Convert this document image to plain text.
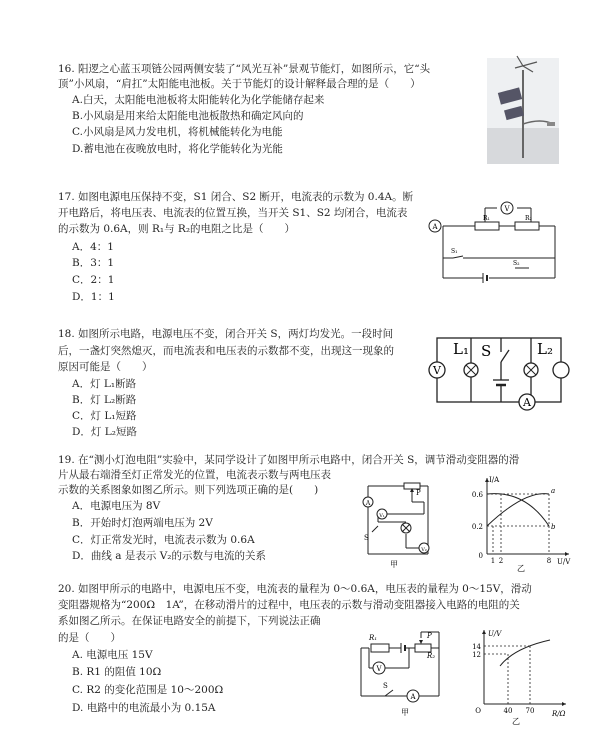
16. 阳逻之心蓝玉项链公园两侧安装了“风光互补”景观节能灯，如图所示，它“头
顶”小风扇，“肩扛”太阳能电池板。关于节能灯的设计解释最合理的是（　　）
A.白天，太阳能电池板将太阳能转化为化学能储存起来
B.小风扇是用来给太阳能电池板散热和确定风向的
C.小风扇是风力发电机，将机械能转化为电能
D.蓄电池在夜晚放电时，将化学能转化为光能
17. 如图电源电压保持不变，S1 闭合、S2 断开，电流表的示数为 0.4A。断
开电路后，将电压表、电流表的位置互换，当开关 S1、S2 均闭合，电流表
的示数为 0.6A，则 R₁与 R₂的电阻之比是（　　）
A．4：1
B．3：1
C．2：1
D．1：1
V
A
R₁	R₂
S₁
S₂
18. 如图所示电路，电源电压不变，闭合开关 S，两灯均发光。一段时间
后，一盏灯突然熄灭，而电流表和电压表的示数都不变，出现这一现象的
原因可能是（　　）
A．灯 L₁断路
B．灯 L₂断路
C．灯 L₁短路
D．灯 L₂短路
V
A
L₁	L₂
S
19. 在“测小灯泡电阻”实验中，某同学设计了如图甲所示电路中，闭合开关 S，调节滑动变阻器的滑
片从最右端滑至灯正常发光的位置，电流表示数与两电压表
示数的关系图象如图乙所示。则下列选项正确的是(　　)
A．电源电压为 8V
B．开始时灯泡两端电压为 2V
C．灯正常发光时，电流表示数为 0.6A
D．曲线 a 是表示 V₂的示数与电流的关系
P
S
A
V₁
V₂
甲
I/A
U/V
0.6
0.2
0
1 2	8
a
b
乙
20. 如图甲所示的电路中，电源电压不变，电流表的量程为 0～0.6A，电压表的量程为 0～15V，滑动
变阻器规格为“200Ω　1A”，在移动滑片的过程中，电压表的示数与滑动变阻器接入电路的电阻的关
系如图乙所示。在保证电路安全的前提下，下列说法正确
的是（　　）
A. 电源电压 15V
B. R1 的阻值 10Ω
C. R2 的变化范围是 10～200Ω
D. 电路中的电流最小为 0.15A
R₁
R₂
P
V
A
S
甲
U/V
R/Ω
14
12
O	40 70
乙
